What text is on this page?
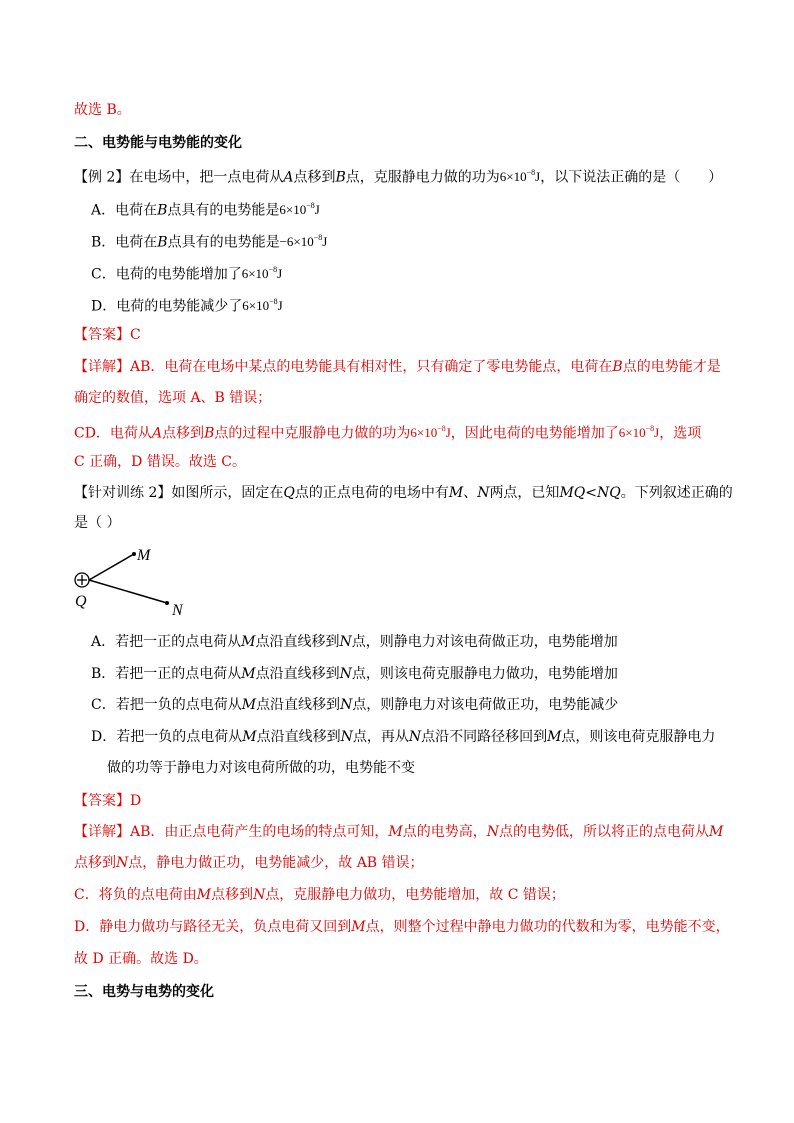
故选 B。
二、电势能与电势能的变化
【例 2】在电场中，把一点电荷从A点移到B点，克服静电力做的功为$6\times 10^{-8}J$，以下说法正确的是（　　）
A．电荷在B点具有的电势能是$6\times 10^{-8}J$
B．电荷在B点具有的电势能是$-6\times 10^{-8}J$
C．电荷的电势能增加了$6\times 10^{-8}J$
D．电荷的电势能减少了$6\times 10^{-8}J$
【答案】C
【详解】AB．电荷在电场中某点的电势能具有相对性，只有确定了零电势能点，电荷在B点的电势能才是
确定的数值，选项 A、B 错误；
CD．电荷从A点移到B点的过程中克服静电力做的功为$6\times 10^{-8}J$，因此电荷的电势能增加了$6\times 10^{-8}J$，选项
C 正确，D 错误。故选 C。
【针对训练 2】如图所示，固定在Q点的正点电荷的电场中有M、N两点，已知MQ<NQ。下列叙述正确的
是（ ）
M
N
Q
A．若把一正的点电荷从M点沿直线移到N点，则静电力对该电荷做正功，电势能增加
B．若把一正的点电荷从M点沿直线移到N点，则该电荷克服静电力做功，电势能增加
C．若把一负的点电荷从M点沿直线移到N点，则静电力对该电荷做正功，电势能减少
D．若把一负的点电荷从M点沿直线移到N点，再从N点沿不同路径移回到M点，则该电荷克服静电力
做的功等于静电力对该电荷所做的功，电势能不变
【答案】D
【详解】AB．由正点电荷产生的电场的特点可知，M点的电势高，N点的电势低，所以将正的点电荷从M
点移到N点，静电力做正功，电势能减少，故 AB 错误；
C．将负的点电荷由M点移到N点，克服静电力做功，电势能增加，故 C 错误；
D．静电力做功与路径无关，负点电荷又回到M点，则整个过程中静电力做功的代数和为零，电势能不变，
故 D 正确。故选 D。
三、电势与电势的变化
